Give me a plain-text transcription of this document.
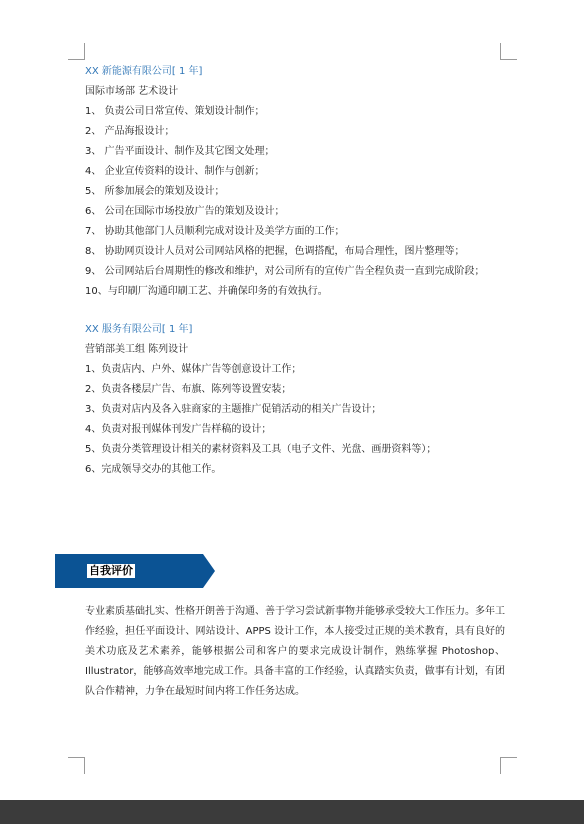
XX 新能源有限公司[ 1 年]
国际市场部 艺术设计
1、 负责公司日常宣传、策划设计制作；
2、 产品海报设计；
3、 广告平面设计、制作及其它图文处理；
4、 企业宣传资料的设计、制作与创新；
5、 所参加展会的策划及设计；
6、 公司在国际市场投放广告的策划及设计；
7、 协助其他部门人员顺利完成对设计及美学方面的工作；
8、 协助网页设计人员对公司网站风格的把握，色调搭配，布局合理性，图片整理等；
9、 公司网站后台周期性的修改和维护，对公司所有的宣传广告全程负责一直到完成阶段；
10、与印刷厂沟通印刷工艺、并确保印务的有效执行。
XX 服务有限公司[ 1 年]
营销部美工组 陈列设计
1、负责店内、户外、媒体广告等创意设计工作；
2、负责各楼层广告、布旗、陈列等设置安装；
3、负责对店内及各入驻商家的主题推广促销活动的相关广告设计；
4、负责对报刊媒体刊发广告样稿的设计；
5、负责分类管理设计相关的素材资料及工具（电子文件、光盘、画册资料等）；
6、完成领导交办的其他工作。
自我评价
专业素质基础扎实、性格开朗善于沟通、善于学习尝试新事物并能够承受较大工作压力。多年工作经验，担任平面设计、网站设计、APPS 设计工作，本人接受过正规的美术教育，具有良好的美术功底及艺术素养，能够根据公司和客户的要求完成设计制作，熟练掌握 Photoshop、Illustrator，能够高效率地完成工作。具备丰富的工作经验，认真踏实负责，做事有计划，有团队合作精神，力争在最短时间内将工作任务达成。
